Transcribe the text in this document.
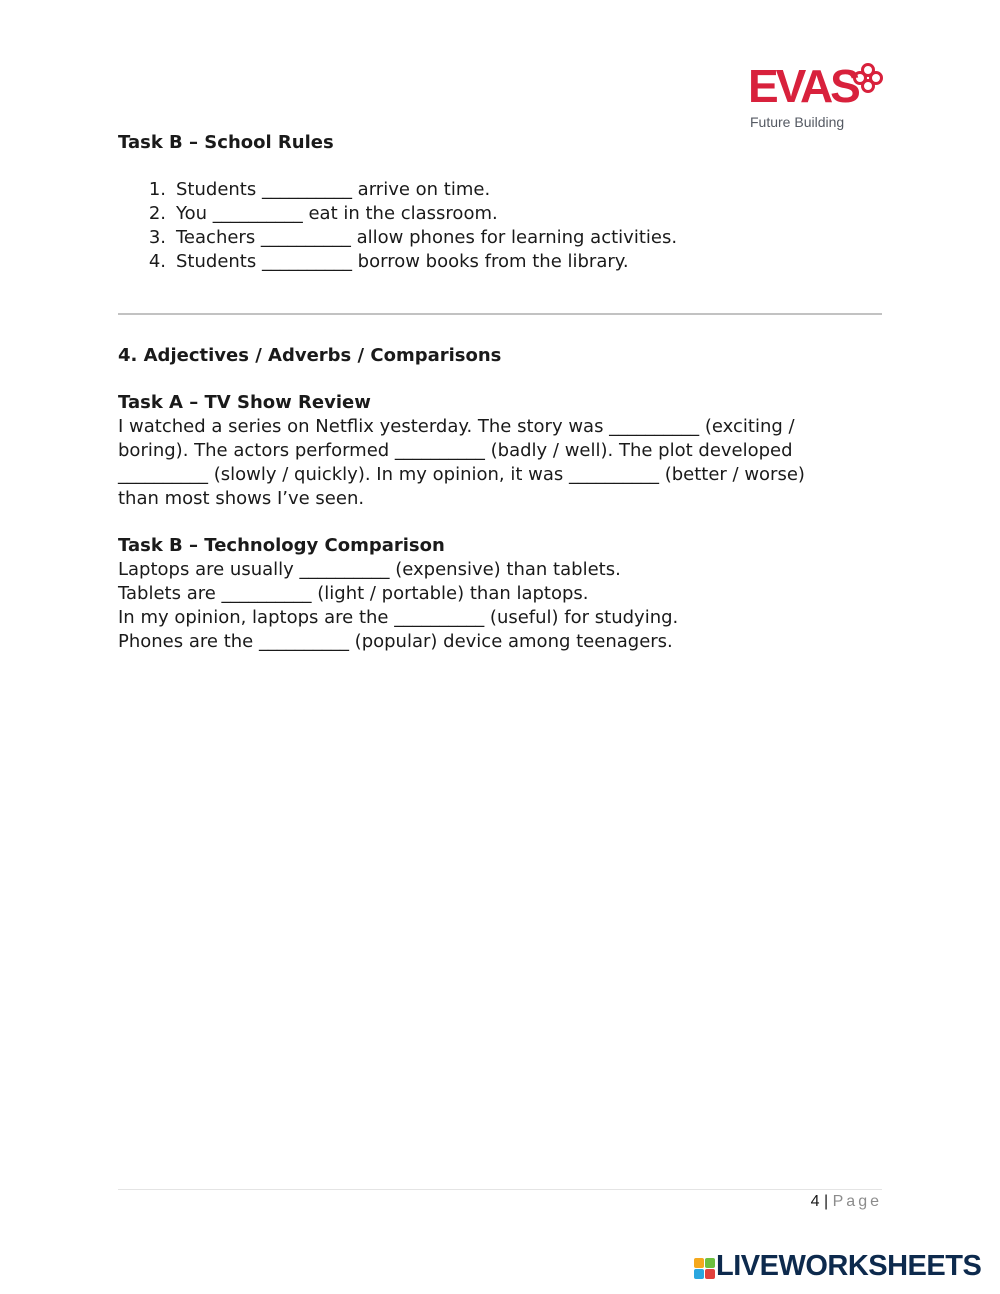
EVAS
Future Building
Task B – School Rules
1. Students __________ arrive on time.
2. You __________ eat in the classroom.
3. Teachers __________ allow phones for learning activities.
4. Students __________ borrow books from the library.
4. Adjectives / Adverbs / Comparisons
Task A – TV Show Review
I watched a series on Netflix yesterday. The story was __________ (exciting /
boring). The actors performed __________ (badly / well). The plot developed
__________ (slowly / quickly). In my opinion, it was __________ (better / worse)
than most shows I’ve seen.
Task B – Technology Comparison
Laptops are usually __________ (expensive) than tablets.
Tablets are __________ (light / portable) than laptops.
In my opinion, laptops are the __________ (useful) for studying.
Phones are the __________ (popular) device among teenagers.
4 | Page
LIVEWORKSHEETS
